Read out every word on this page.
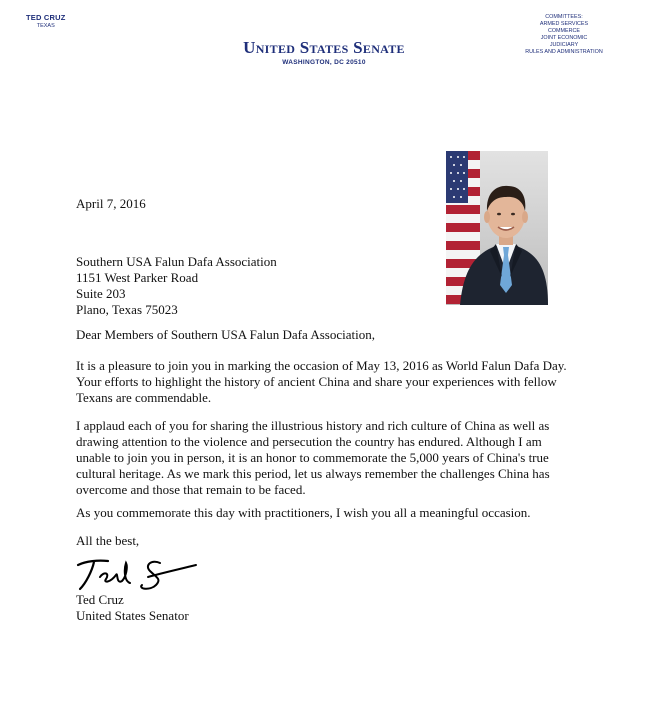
TED CRUZ
TEXAS
United States Senate
WASHINGTON, DC 20510
COMMITTEES:
ARMED SERVICES
COMMERCE
JOINT ECONOMIC
JUDICIARY
RULES AND ADMINISTRATION
April 7, 2016
Southern USA Falun Dafa Association
1151 West Parker Road
Suite 203
Plano, Texas 75023
Dear Members of Southern USA Falun Dafa Association,

It is a pleasure to join you in marking the occasion of May 13, 2016 as World Falun Dafa Day. Your efforts to highlight the history of ancient China and share your experiences with fellow Texans are commendable.

I applaud each of you for sharing the illustrious history and rich culture of China as well as drawing attention to the violence and persecution the country has endured. Although I am unable to join you in person, it is an honor to commemorate the 5,000 years of China's true cultural heritage. As we mark this period, let us always remember the challenges China has overcome and those that remain to be faced.

As you commemorate this day with practitioners, I wish you all a meaningful occasion.

All the best,
Ted Cruz
United States Senator
